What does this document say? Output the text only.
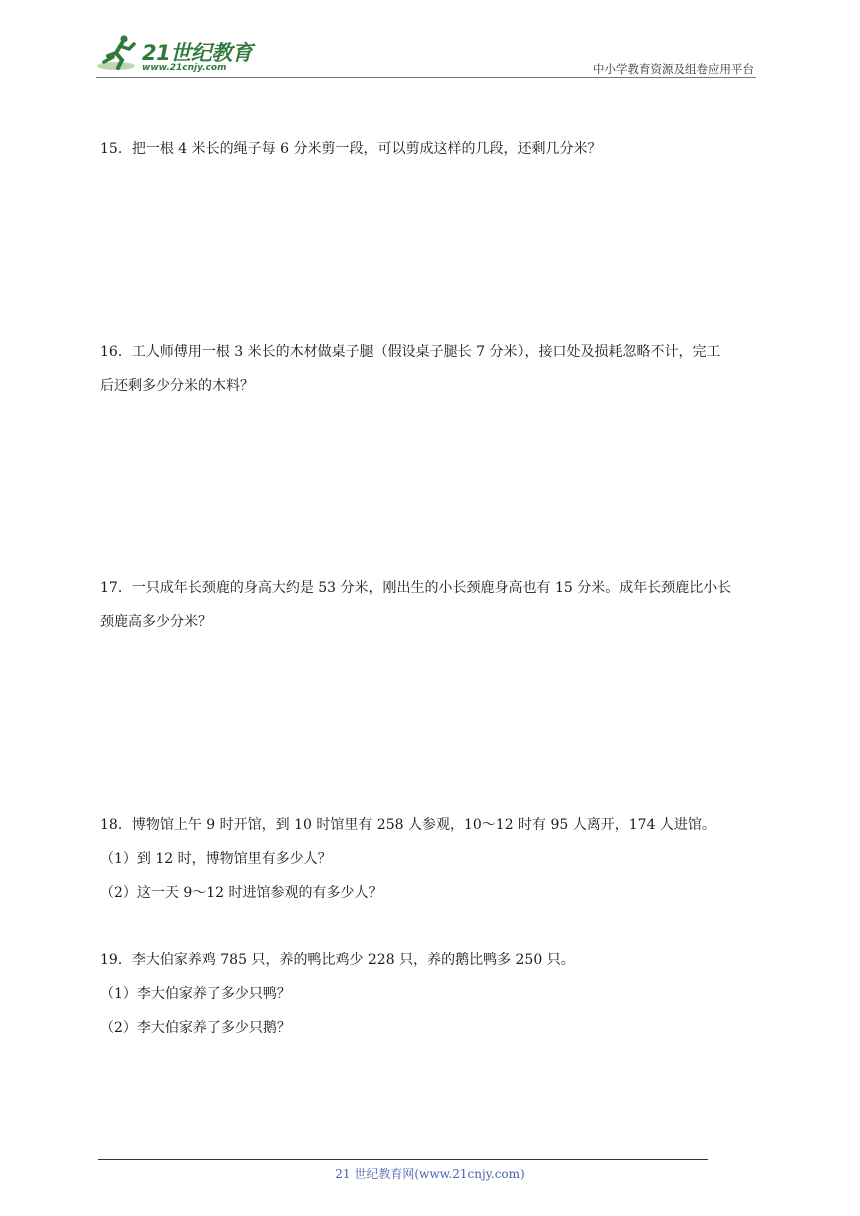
21世纪教育
www.21cnjy.com	中小学教育资源及组卷应用平台

15．把一根 4 米长的绳子每 6 分米剪一段，可以剪成这样的几段，还剩几分米？

16．工人师傅用一根 3 米长的木材做桌子腿（假设桌子腿长 7 分米），接口处及损耗忽略不计，完工

后还剩多少分米的木料？

17．一只成年长颈鹿的身高大约是 53 分米，刚出生的小长颈鹿身高也有 15 分米。成年长颈鹿比小长

颈鹿高多少分米？

18．博物馆上午 9 时开馆，到 10 时馆里有 258 人参观，10～12 时有 95 人离开，174 人进馆。

（1）到 12 时，博物馆里有多少人？

（2）这一天 9～12 时进馆参观的有多少人？

19．李大伯家养鸡 785 只，养的鸭比鸡少 228 只，养的鹅比鸭多 250 只。

（1）李大伯家养了多少只鸭？

（2）李大伯家养了多少只鹅？

21 世纪教育网(www.21cnjy.com)
